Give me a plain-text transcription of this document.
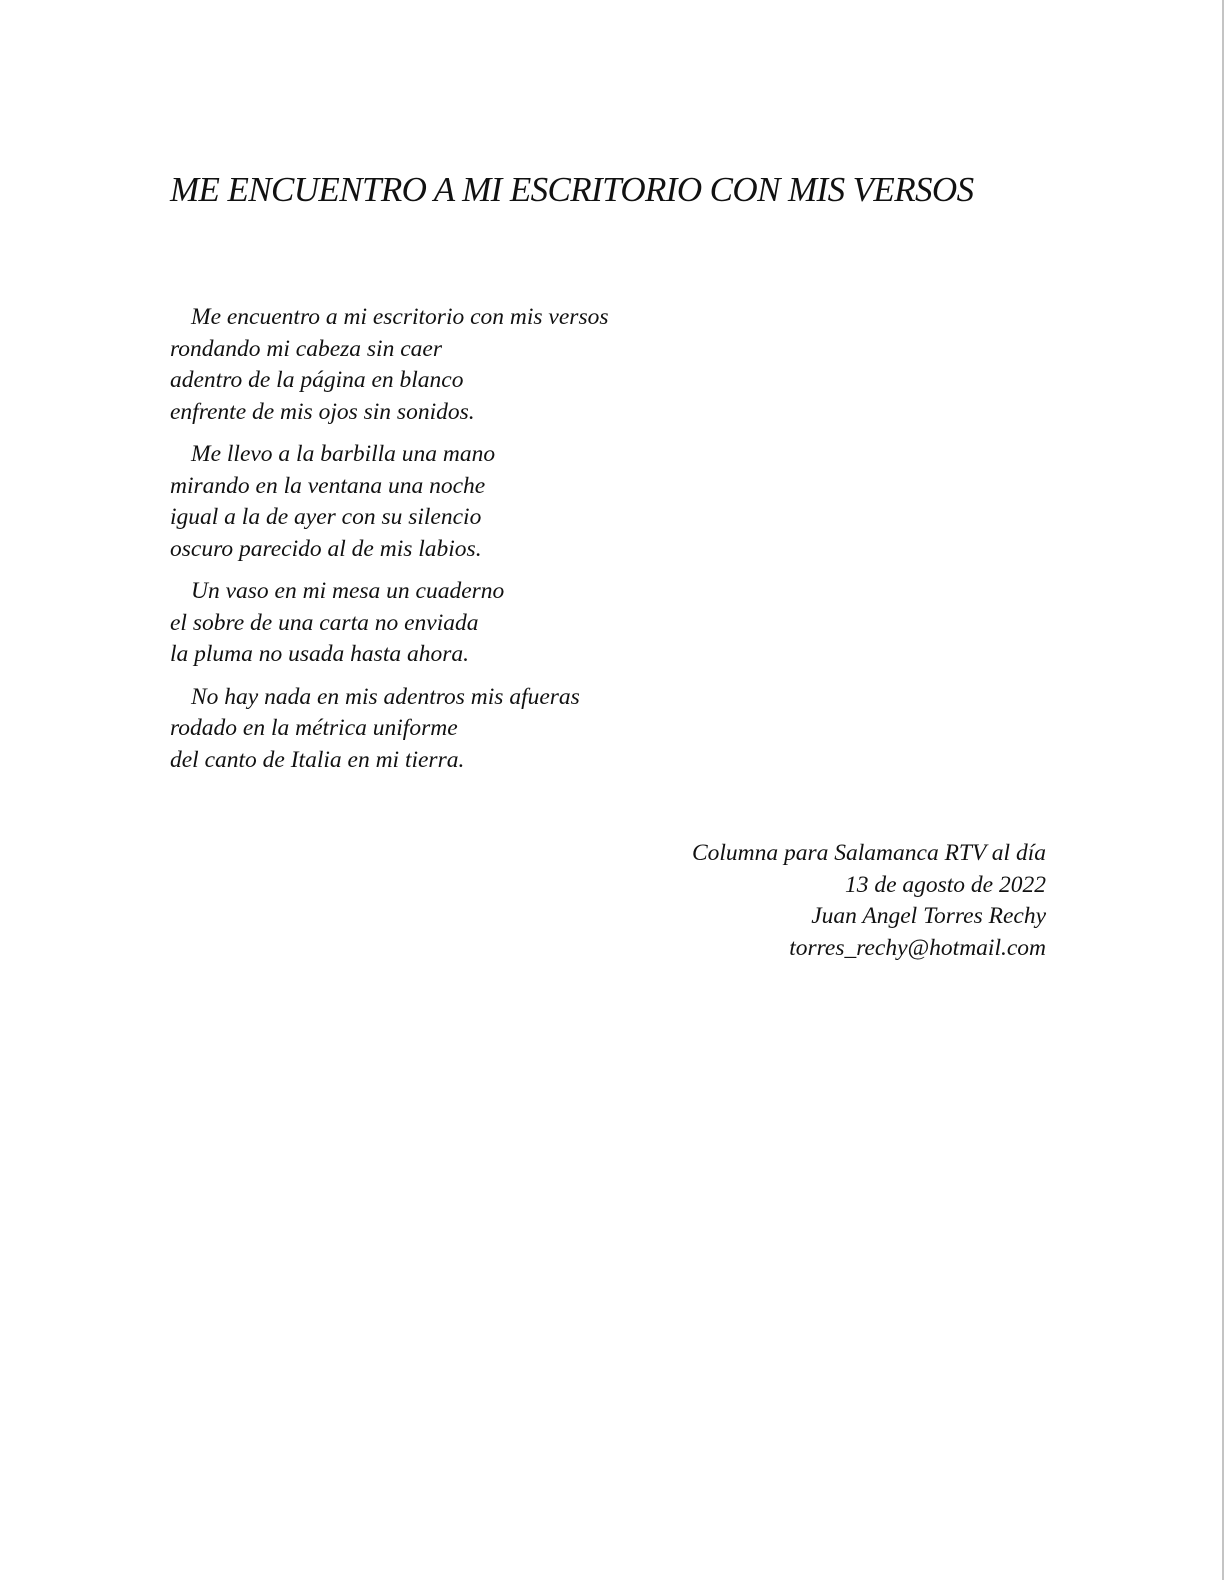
ME ENCUENTRO A MI ESCRITORIO CON MIS VERSOS

Me encuentro a mi escritorio con mis versos
rondando mi cabeza sin caer
adentro de la página en blanco
enfrente de mis ojos sin sonidos.

Me llevo a la barbilla una mano
mirando en la ventana una noche
igual a la de ayer con su silencio
oscuro parecido al de mis labios.

Un vaso en mi mesa un cuaderno
el sobre de una carta no enviada
la pluma no usada hasta ahora.

No hay nada en mis adentros mis afueras
rodado en la métrica uniforme
del canto de Italia en mi tierra.

Columna para Salamanca RTV al día
13 de agosto de 2022
Juan Angel Torres Rechy
torres_rechy@hotmail.com
